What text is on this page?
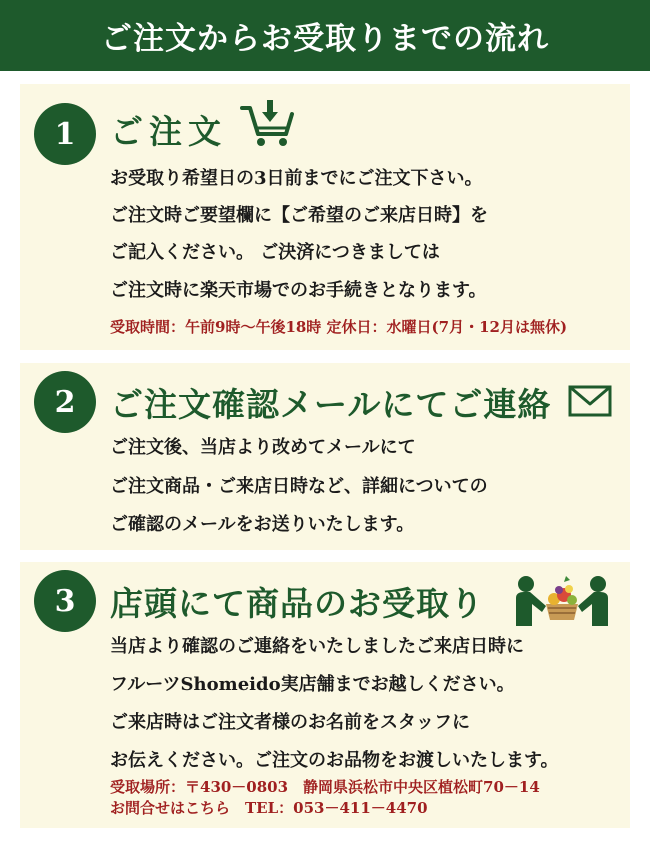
ご注文からお受取りまでの流れ
1	ご注文
お受取り希望日の3日前までにご注文下さい。
ご注文時ご要望欄に【ご希望のご来店日時】を
ご記入ください。 ご決済につきましては
ご注文時に楽天市場でのお手続きとなります。
受取時間：午前9時～午後18時 定休日：水曜日(7月・12月は無休)
2	ご注文確認メールにてご連絡
ご注文後、当店より改めてメールにて
ご注文商品・ご来店日時など、詳細についての
ご確認のメールをお送りいたします。
3	店頭にて商品のお受取り
当店より確認のご連絡をいたしましたご来店日時に
フルーツShomeido実店舗までお越しください。
ご来店時はご注文者様のお名前をスタッフに
お伝えください。ご注文のお品物をお渡しいたします。
受取場所：〒430－0803　静岡県浜松市中央区植松町70－14
お問合せはこちら　TEL：053－411－4470
